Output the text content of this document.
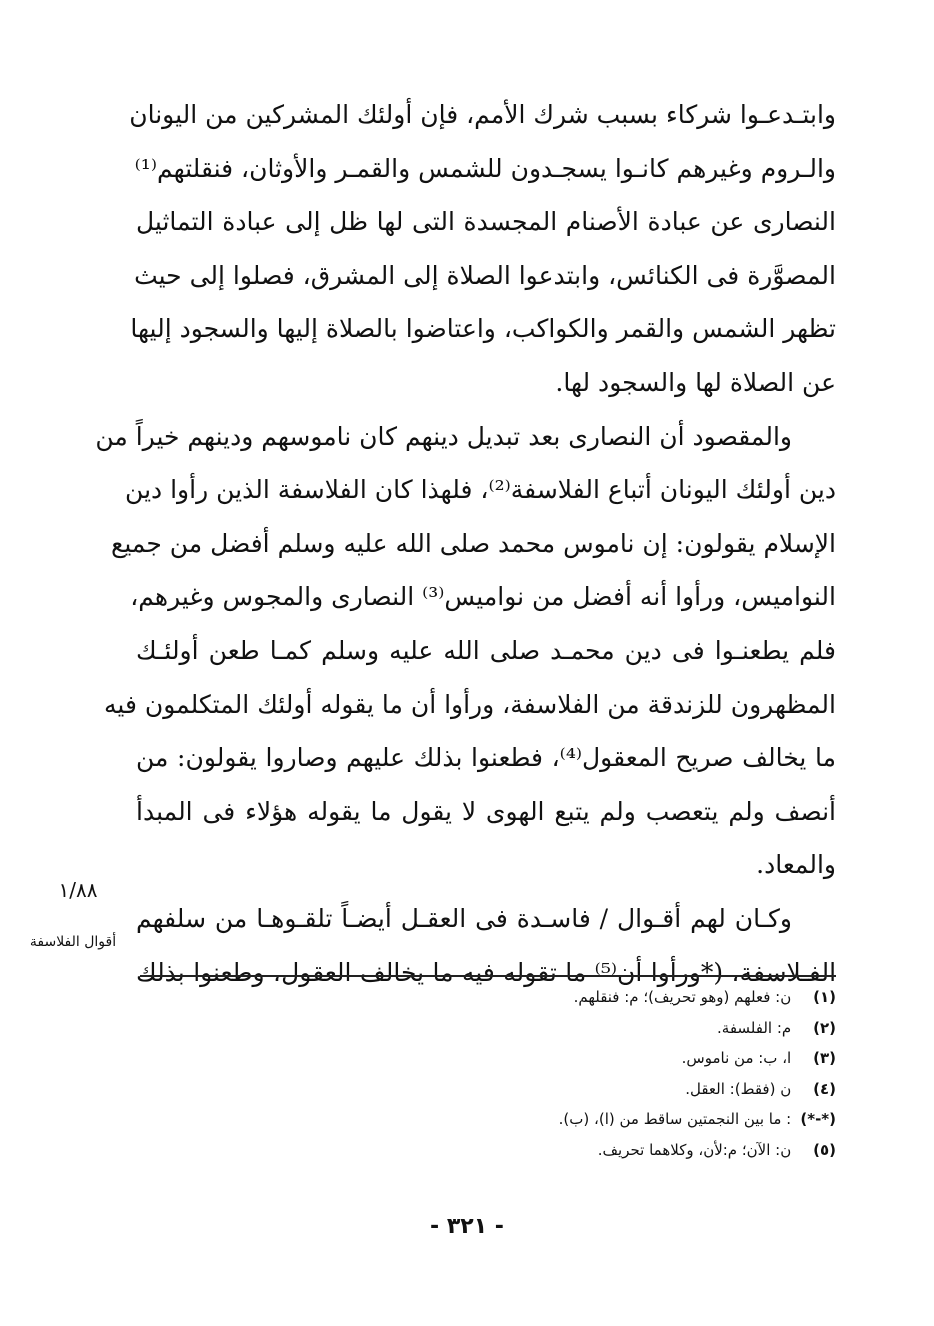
وابتـدعـوا شركاء بسبب شرك الأمم، فإن أولئك المشركين من اليونان
والـروم وغيرهم كانـوا يسجـدون للشمس والقمـر والأوثان، فنقلتهم⁽¹⁾
النصارى عن عبادة الأصنام المجسدة التى لها ظل إلى عبادة التماثيل
المصوَّرة فى الكنائس، وابتدعوا الصلاة إلى المشرق، فصلوا إلى حيث
تظهر الشمس والقمر والكواكب، واعتاضوا بالصلاة إليها والسجود إليها
عن الصلاة لها والسجود لها.
والمقصود أن النصارى بعد تبديل دينهم كان ناموسهم ودينهم خيراً من
دين أولئك اليونان أتباع الفلاسفة⁽²⁾، فلهذا كان الفلاسفة الذين رأوا دين
الإسلام يقولون: إن ناموس محمد صلى الله عليه وسلم أفضل من جميع
النواميس، ورأوا أنه أفضل من نواميس⁽³⁾ النصارى والمجوس وغيرهم،
فلم يطعنـوا فى دين محمـد صلى الله عليه وسلم كمـا طعن أولئـك
المظهرون للزندقة من الفلاسفة، ورأوا أن ما يقوله أولئك المتكلمون فيه
ما يخالف صريح المعقول⁽⁴⁾، فطعنوا بذلك عليهم وصاروا يقولون: من
أنصف ولم يتعصب ولم يتبع الهوى لا يقول ما يقوله هؤلاء فى المبدأ
والمعاد.
وكـان لهم أقـوال / فاسـدة فى العقـل أيضـاً تلقـوهـا من سلفهم
الفـلاسفة، (*ورأوا أن⁽⁵⁾ ما تقوله فيه ما يخالف العقول، وطعنوا بذلك
١/٨٨
أقوال الفلاسفة
(١) ن: فعلهم (وهو تحريف)؛ م: فنقلهم.
(٢) م: الفلسفة.
(٣) ا، ب: من ناموس.
(٤) ن (فقط): العقل.
(*-*) : ما بين النجمتين ساقط من (ا)، (ب).
(٥) ن: الآن؛ م:لأن، وكلاهما تحريف.
- ٣٢١ -
